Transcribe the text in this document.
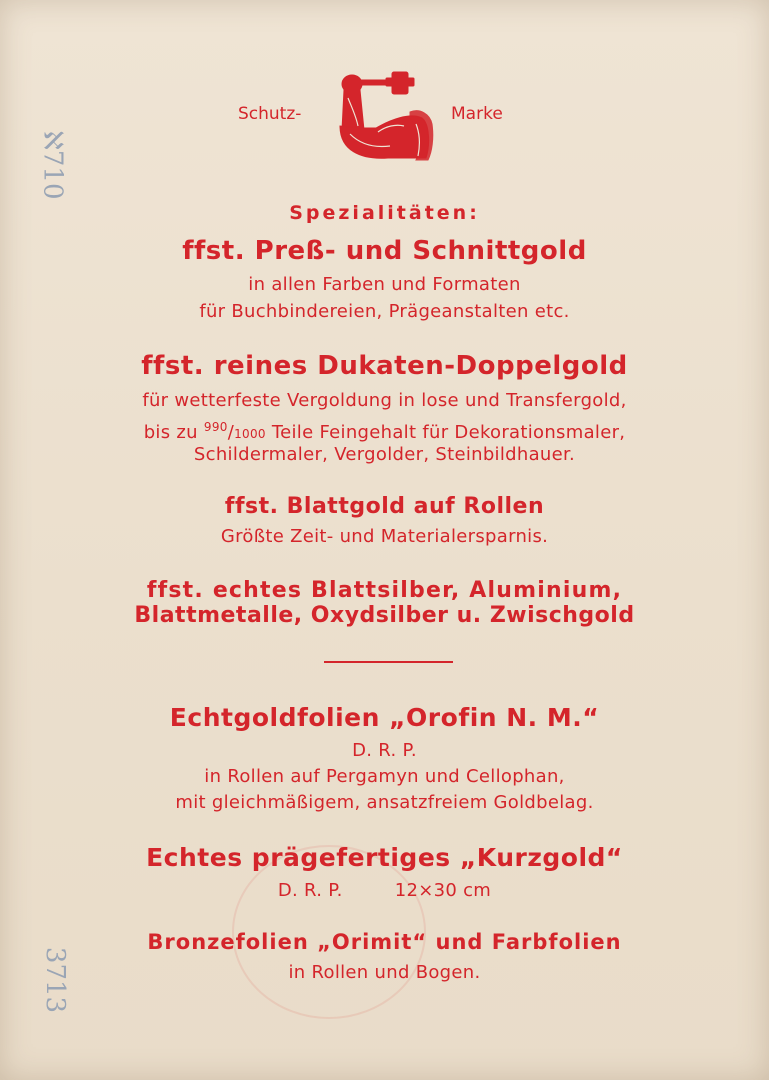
ℵ710
3713
Schutz-	Marke
Spezialitäten:
ffst. Preß- und Schnittgold
in allen Farben und Formaten
für Buchbindereien, Prägeanstalten etc.
ffst. reines Dukaten-Doppelgold
für wetterfeste Vergoldung in lose und Transfergold,
bis zu $^{990}$/1000 Teile Feingehalt für Dekorationsmaler,
Schildermaler, Vergolder, Steinbildhauer.
ffst. Blattgold auf Rollen
Größte Zeit- und Materialersparnis.
ffst. echtes Blattsilber, Aluminium,
Blattmetalle, Oxydsilber u. Zwischgold
Echtgoldfolien „Orofin N. M.“
D. R. P.
in Rollen auf Pergamyn und Cellophan,
mit gleichmäßigem, ansatzfreiem Goldbelag.
Echtes prägefertiges „Kurzgold“
D. R. P.	12×30 cm
Bronzefolien „Orimit“ und Farbfolien
in Rollen und Bogen.
